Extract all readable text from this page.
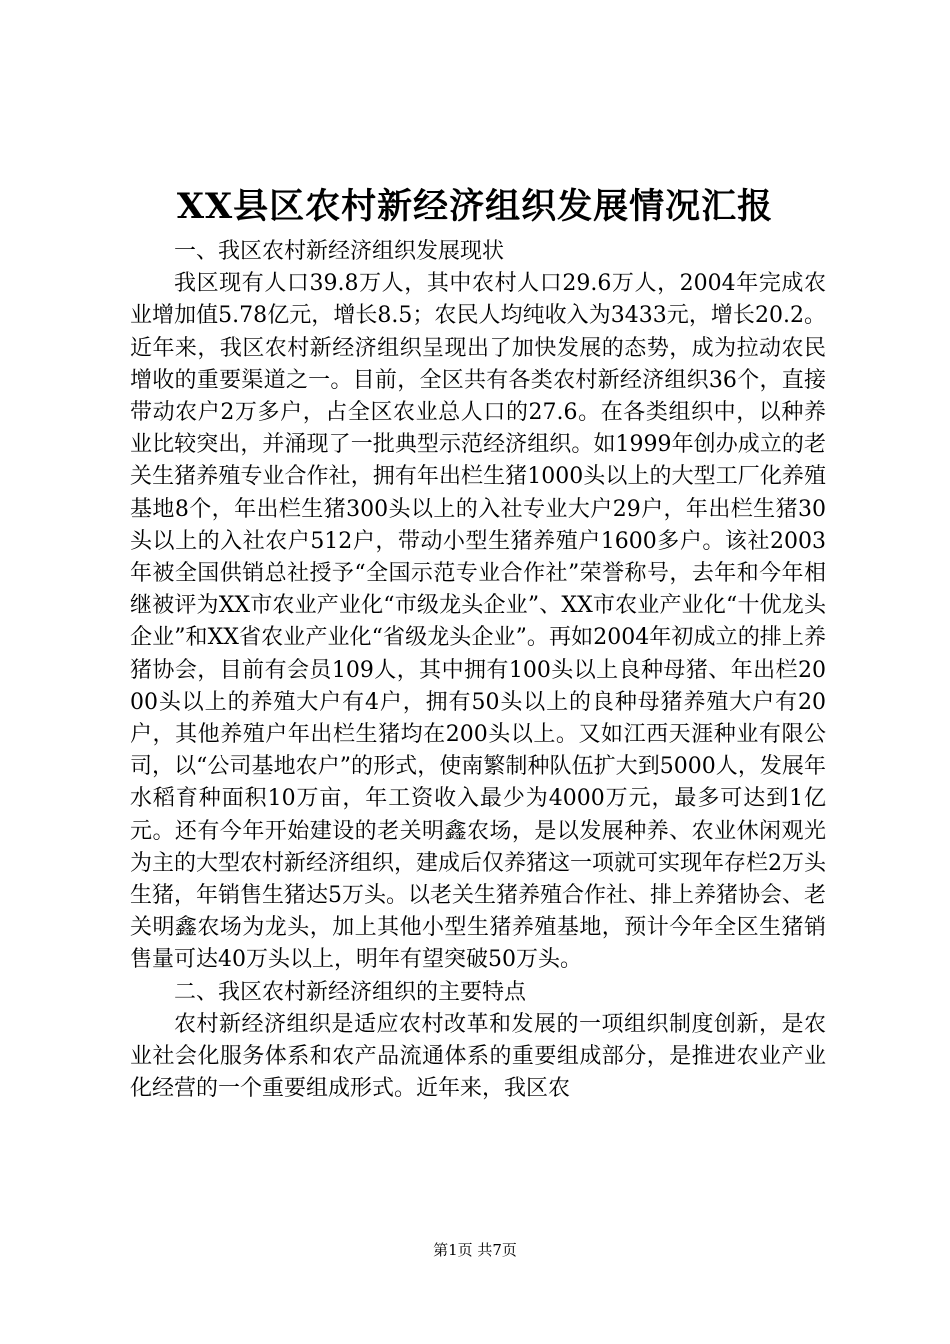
XX县区农村新经济组织发展情况汇报

一、我区农村新经济组织发展现状

我区现有人口39.8万人，其中农村人口29.6万人，2004年完成农业增加值5.78亿元，增长8.5；农民人均纯收入为3433元，增长20.2。近年来，我区农村新经济组织呈现出了加快发展的态势，成为拉动农民增收的重要渠道之一。目前，全区共有各类农村新经济组织36个，直接带动农户2万多户，占全区农业总人口的27.6。在各类组织中，以种养业比较突出，并涌现了一批典型示范经济组织。如1999年创办成立的老关生猪养殖专业合作社，拥有年出栏生猪1000头以上的大型工厂化养殖基地8个，年出栏生猪300头以上的入社专业大户29户，年出栏生猪30头以上的入社农户512户，带动小型生猪养殖户1600多户。该社2003年被全国供销总社授予“全国示范专业合作社”荣誉称号，去年和今年相继被评为XX市农业产业化“市级龙头企业”、XX市农业产业化“十优龙头企业”和XX省农业产业化“省级龙头企业”。再如2004年初成立的排上养猪协会，目前有会员109人，其中拥有100头以上良种母猪、年出栏2000头以上的养殖大户有4户，拥有50头以上的良种母猪养殖大户有20户，其他养殖户年出栏生猪均在200头以上。又如江西天涯种业有限公司，以“公司基地农户”的形式，使南繁制种队伍扩大到5000人，发展年水稻育种面积10万亩，年工资收入最少为4000万元，最多可达到1亿元。还有今年开始建设的老关明鑫农场，是以发展种养、农业休闲观光为主的大型农村新经济组织，建成后仅养猪这一项就可实现年存栏2万头生猪，年销售生猪达5万头。以老关生猪养殖合作社、排上养猪协会、老关明鑫农场为龙头，加上其他小型生猪养殖基地，预计今年全区生猪销售量可达40万头以上，明年有望突破50万头。

二、我区农村新经济组织的主要特点

农村新经济组织是适应农村改革和发展的一项组织制度创新，是农业社会化服务体系和农产品流通体系的重要组成部分，是推进农业产业化经营的一个重要组成形式。近年来，我区农

第1页 共7页
